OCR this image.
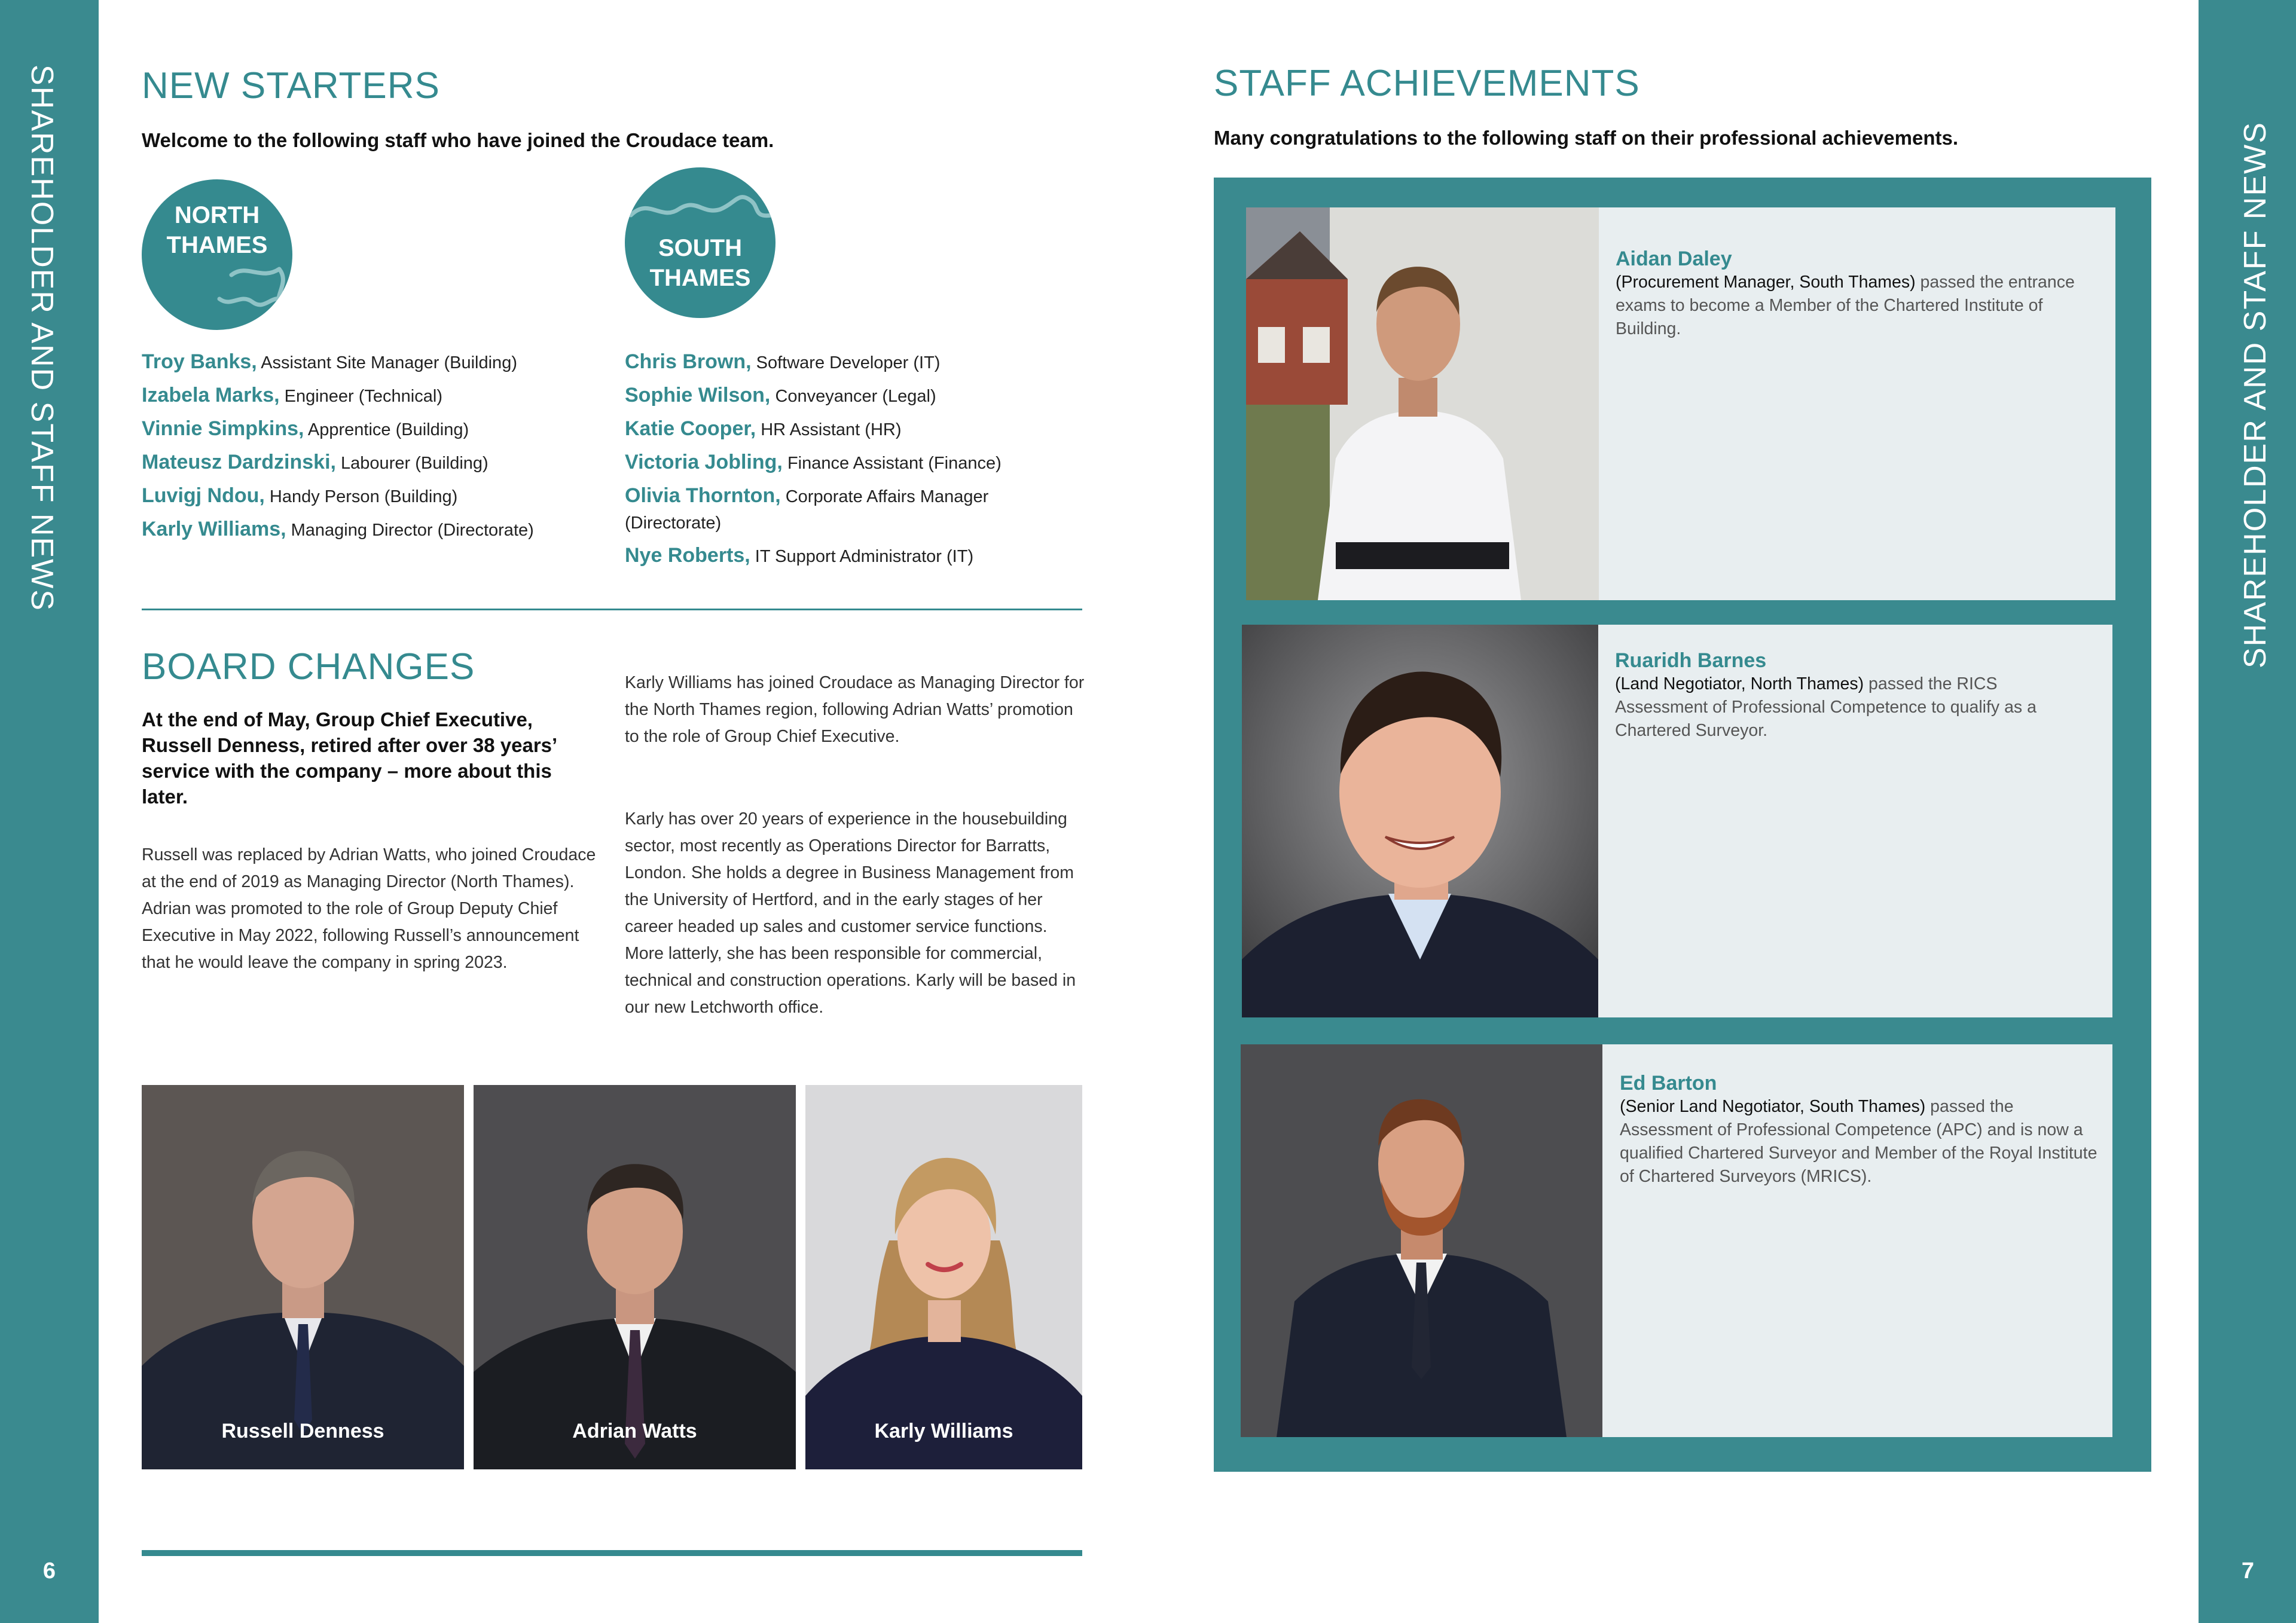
SHAREHOLDER AND STAFF NEWS
6
SHAREHOLDER AND STAFF NEWS
7
NEW STARTERS
Welcome to the following staff who have joined the Croudace team.
NORTH
THAMES	SOUTH
THAMES
Troy Banks, Assistant Site Manager (Building)
Izabela Marks, Engineer (Technical)
Vinnie Simpkins, Apprentice (Building)
Mateusz Dardzinski, Labourer (Building)
Luvigj Ndou, Handy Person (Building)
Karly Williams, Managing Director (Directorate)
Chris Brown, Software Developer (IT)
Sophie Wilson, Conveyancer (Legal)
Katie Cooper, HR Assistant (HR)
Victoria Jobling, Finance Assistant (Finance)
Olivia Thornton, Corporate Affairs Manager (Directorate)
Nye Roberts, IT Support Administrator (IT)
BOARD CHANGES
At the end of May, Group Chief Executive, Russell Denness, retired after over 38 years’ service with the company – more about this later.

Russell was replaced by Adrian Watts, who joined Croudace at the end of 2019 as Managing Director (North Thames). Adrian was promoted to the role of Group Deputy Chief Executive in May 2022, following Russell’s announcement that he would leave the company in spring 2023.

Karly Williams has joined Croudace as Managing Director for the North Thames region, following Adrian Watts’ promotion to the role of Group Chief Executive.

Karly has over 20 years of experience in the housebuilding sector, most recently as Operations Director for Barratts, London. She holds a degree in Business Management from the University of Hertford, and in the early stages of her career headed up sales and customer service functions. More latterly, she has been responsible for commercial, technical and construction operations. Karly will be based in our new Letchworth office.

Russell Denness	Adrian Watts	Karly Williams
STAFF ACHIEVEMENTS
Many congratulations to the following staff on their professional achievements.
Aidan Daley
(Procurement Manager, South Thames) passed the entrance exams to become a Member of the Chartered Institute of Building.
Ruaridh Barnes
(Land Negotiator, North Thames) passed the RICS Assessment of Professional Competence to qualify as a Chartered Surveyor.
Ed Barton
(Senior Land Negotiator, South Thames) passed the Assessment of Professional Competence (APC) and is now a qualified Chartered Surveyor and Member of the Royal Institute of Chartered Surveyors (MRICS).
